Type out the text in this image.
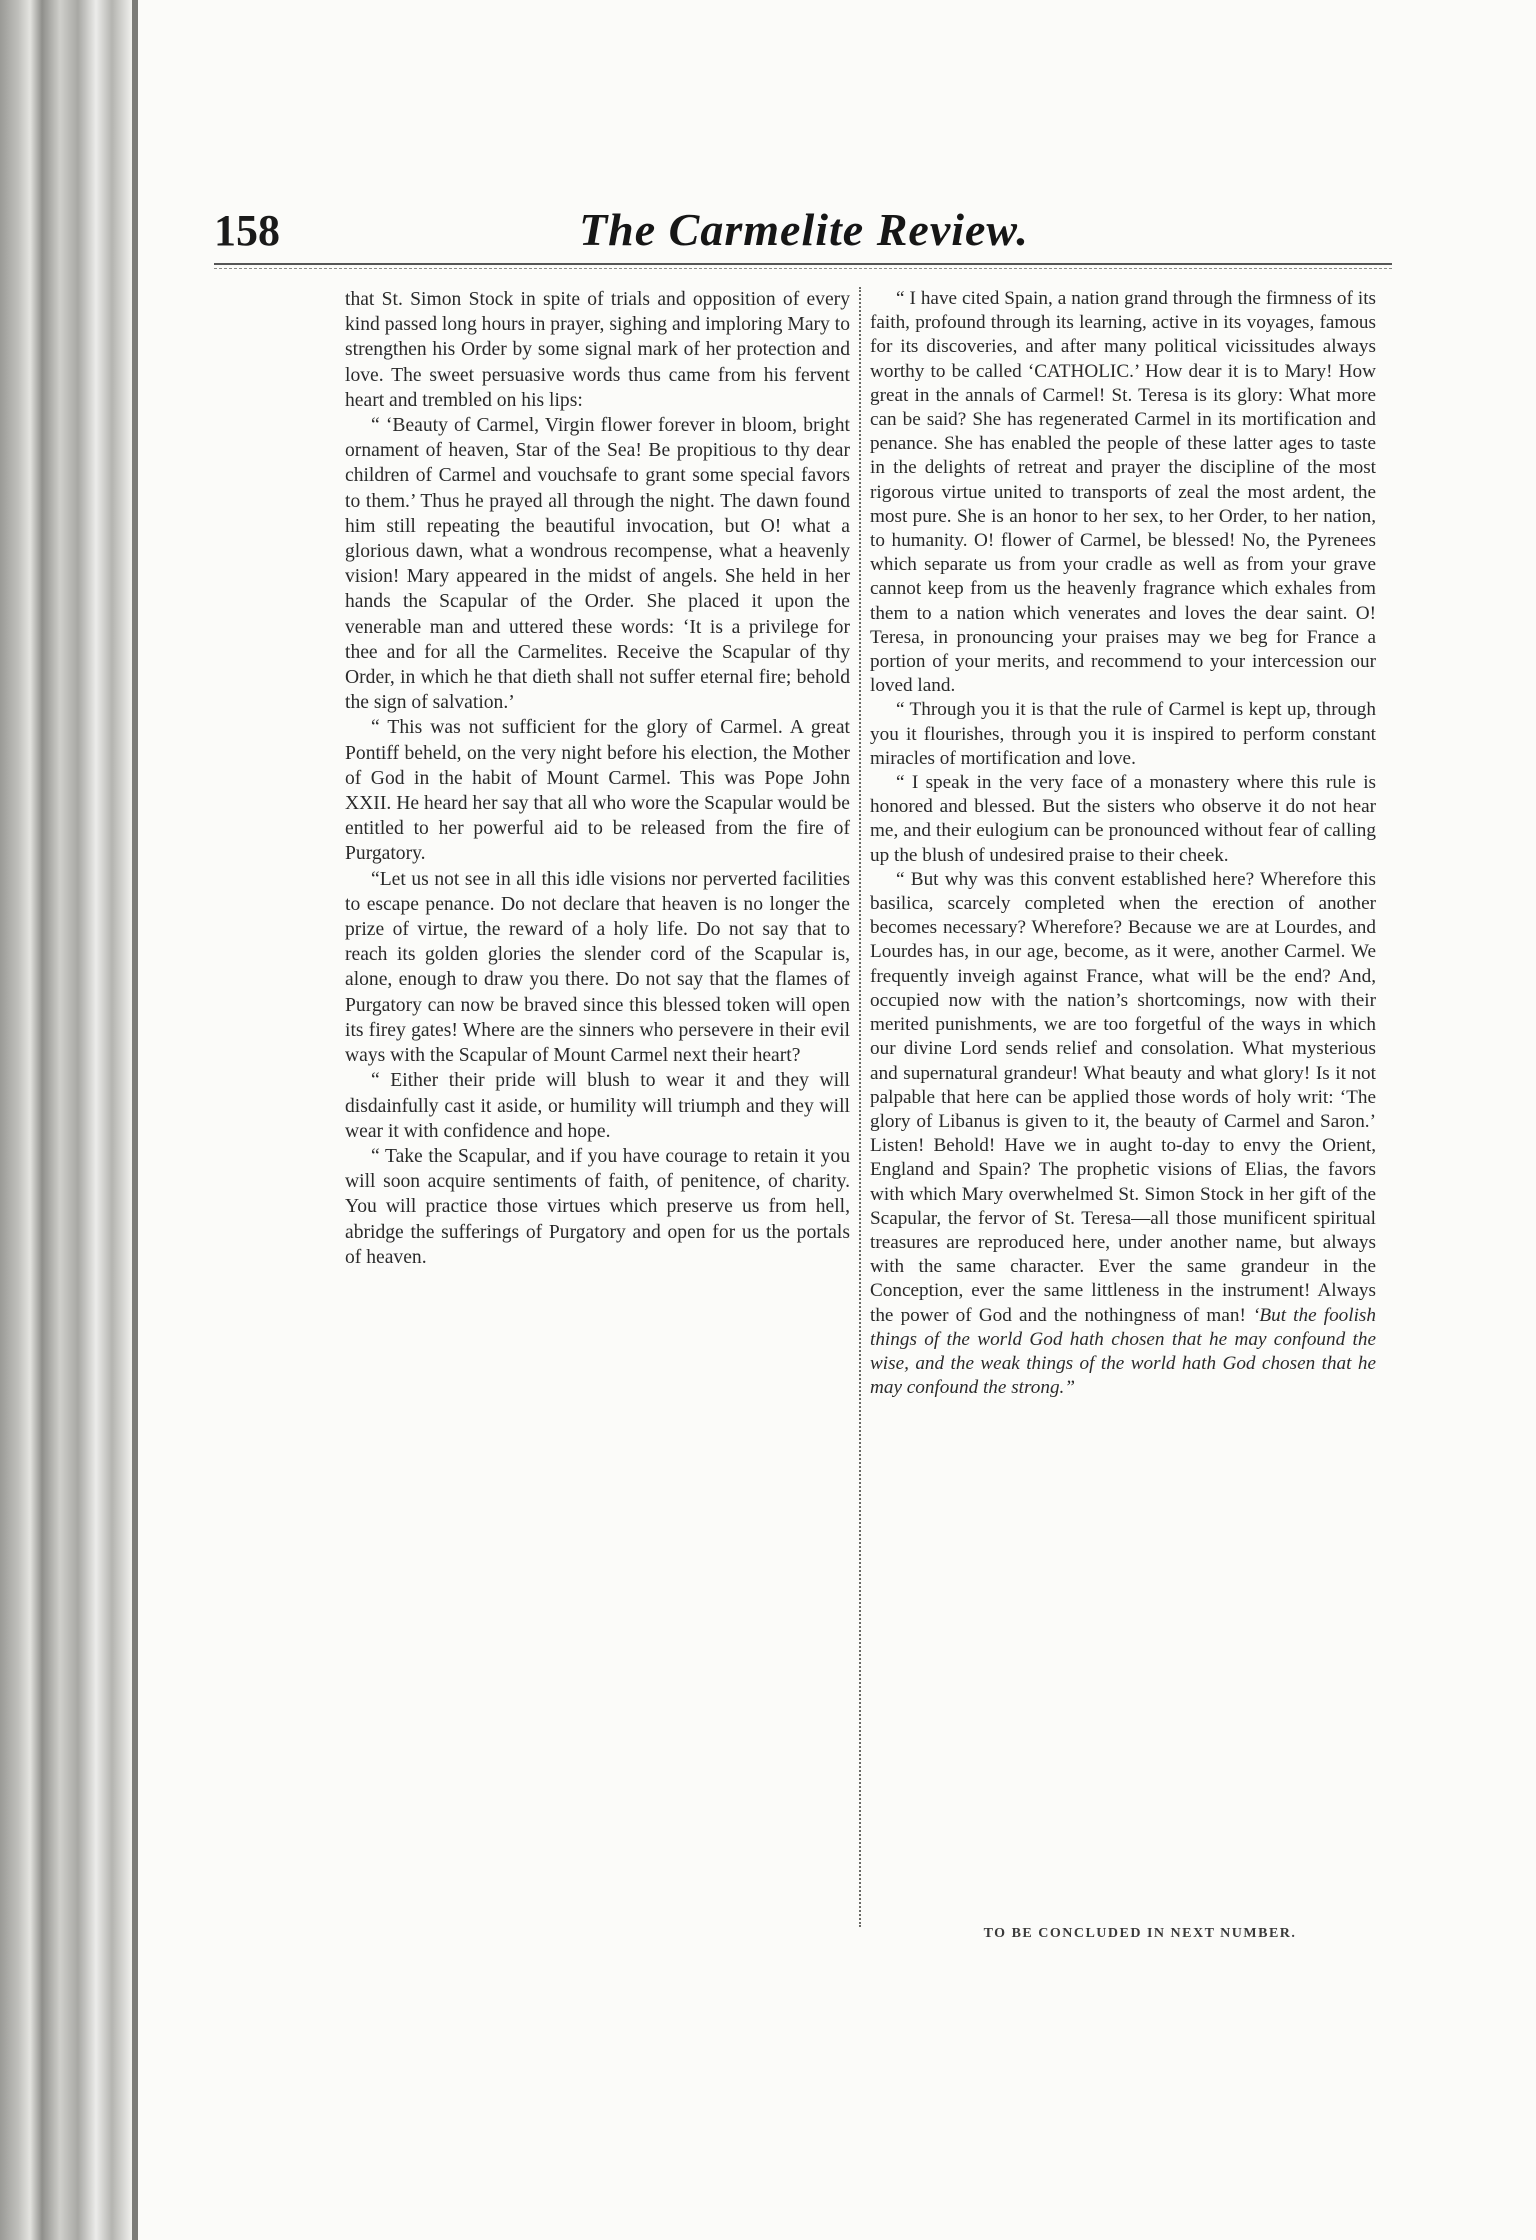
158	The Carmelite Review.

that St. Simon Stock in spite of trials and opposition of every kind passed long hours in prayer, sighing and imploring Mary to strengthen his Order by some signal mark of her protection and love. The sweet persuasive words thus came from his fervent heart and trembled on his lips:

“ ‘Beauty of Carmel, Virgin flower forever in bloom, bright ornament of heaven, Star of the Sea! Be propitious to thy dear children of Carmel and vouchsafe to grant some special favors to them.’ Thus he prayed all through the night. The dawn found him still repeating the beautiful invocation, but O! what a glorious dawn, what a wondrous recompense, what a heavenly vision! Mary appeared in the midst of angels. She held in her hands the Scapular of the Order. She placed it upon the venerable man and uttered these words: ‘It is a privilege for thee and for all the Carmelites. Receive the Scapular of thy Order, in which he that dieth shall not suffer eternal fire; behold the sign of salvation.’

“ This was not sufficient for the glory of Carmel. A great Pontiff beheld, on the very night before his election, the Mother of God in the habit of Mount Carmel. This was Pope John XXII. He heard her say that all who wore the Scapular would be entitled to her powerful aid to be released from the fire of Purgatory.

“Let us not see in all this idle visions nor perverted facilities to escape penance. Do not declare that heaven is no longer the prize of virtue, the reward of a holy life. Do not say that to reach its golden glories the slender cord of the Scapular is, alone, enough to draw you there. Do not say that the flames of Purgatory can now be braved since this blessed token will open its firey gates! Where are the sinners who persevere in their evil ways with the Scapular of Mount Carmel next their heart?

“ Either their pride will blush to wear it and they will disdainfully cast it aside, or humility will triumph and they will wear it with confidence and hope.

“ Take the Scapular, and if you have courage to retain it you will soon acquire sentiments of faith, of penitence, of charity. You will practice those virtues which preserve us from hell, abridge the sufferings of Purgatory and open for us the portals of heaven.

“ I have cited Spain, a nation grand through the firmness of its faith, profound through its learning, active in its voyages, famous for its discoveries, and after many political vicissitudes always worthy to be called ‘CATHOLIC.’ How dear it is to Mary! How great in the annals of Carmel! St. Teresa is its glory: What more can be said? She has regenerated Carmel in its mortification and penance. She has enabled the people of these latter ages to taste in the delights of retreat and prayer the discipline of the most rigorous virtue united to transports of zeal the most ardent, the most pure. She is an honor to her sex, to her Order, to her nation, to humanity. O! flower of Carmel, be blessed! No, the Pyrenees which separate us from your cradle as well as from your grave cannot keep from us the heavenly fragrance which exhales from them to a nation which venerates and loves the dear saint. O! Teresa, in pronouncing your praises may we beg for France a portion of your merits, and recommend to your intercession our loved land.

“ Through you it is that the rule of Carmel is kept up, through you it flourishes, through you it is inspired to perform constant miracles of mortification and love.

“ I speak in the very face of a monastery where this rule is honored and blessed. But the sisters who observe it do not hear me, and their eulogium can be pronounced without fear of calling up the blush of undesired praise to their cheek.

“ But why was this convent established here? Wherefore this basilica, scarcely completed when the erection of another becomes necessary? Wherefore? Because we are at Lourdes, and Lourdes has, in our age, become, as it were, another Carmel. We frequently inveigh against France, what will be the end? And, occupied now with the nation’s shortcomings, now with their merited punishments, we are too forgetful of the ways in which our divine Lord sends relief and consolation. What mysterious and supernatural grandeur! What beauty and what glory! Is it not palpable that here can be applied those words of holy writ: ‘The glory of Libanus is given to it, the beauty of Carmel and Saron.’ Listen! Behold! Have we in aught to-day to envy the Orient, England and Spain? The prophetic visions of Elias, the favors with which Mary overwhelmed St. Simon Stock in her gift of the Scapular, the fervor of St. Teresa—all those munificent spiritual treasures are reproduced here, under another name, but always with the same character. Ever the same grandeur in the Conception, ever the same littleness in the instrument! Always the power of God and the nothingness of man! ‘But the foolish things of the world God hath chosen that he may confound the wise, and the weak things of the world hath God chosen that he may confound the strong.”

TO BE CONCLUDED IN NEXT NUMBER.
